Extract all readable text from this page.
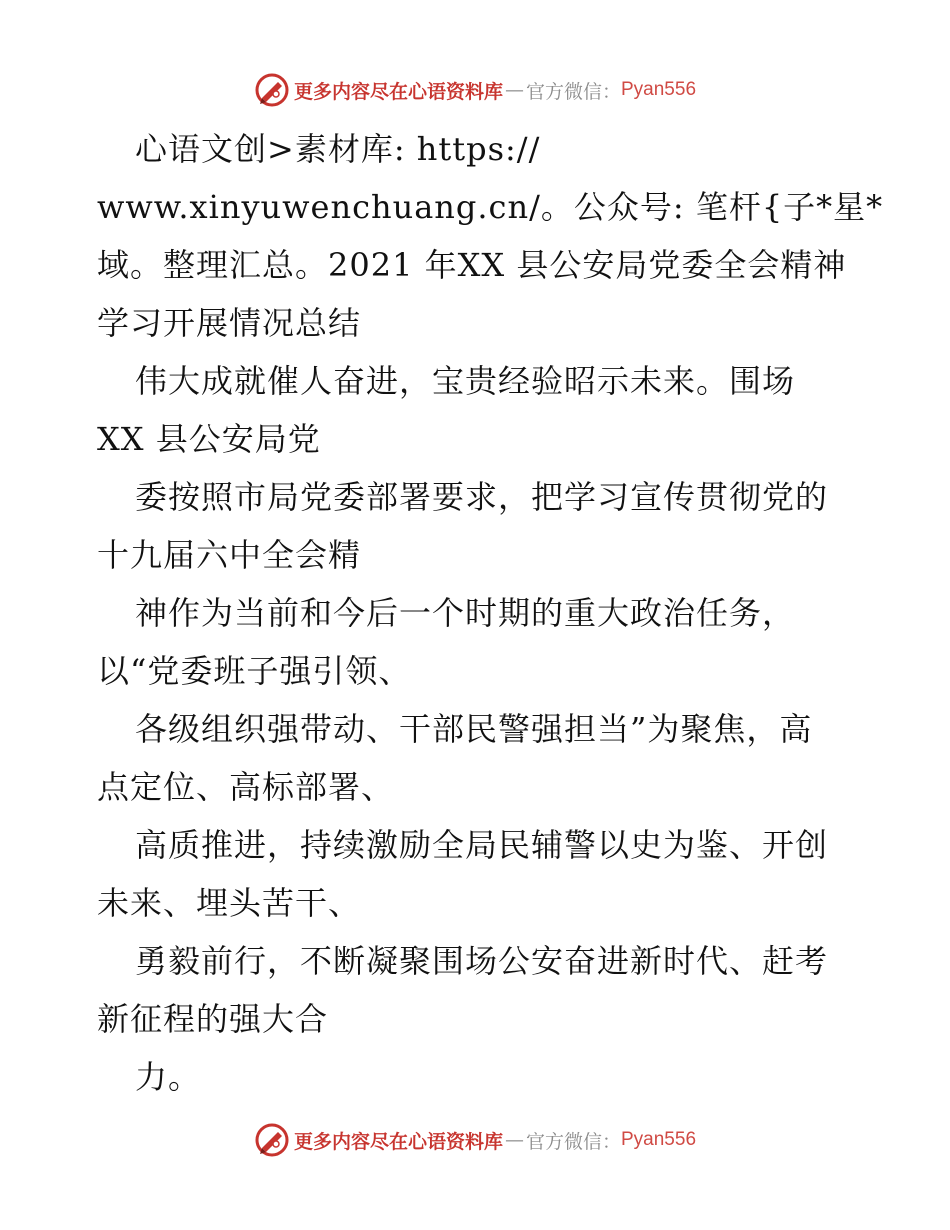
更多内容尽在心语资料库 — 官方微信： Pyan556
心语文创>素材库: https://
www.xinyuwenchuang.cn/。公众号: 笔杆{子*星*
域。整理汇总。2021 年XX 县公安局党委全会精神
学习开展情况总结
伟大成就催人奋进，宝贵经验昭示未来。围场
XX 县公安局党
委按照市局党委部署要求，把学习宣传贯彻党的
十九届六中全会精
神作为当前和今后一个时期的重大政治任务，
以“党委班子强引领、
各级组织强带动、干部民警强担当”为聚焦，高
点定位、高标部署、
高质推进，持续激励全局民辅警以史为鉴、开创
未来、埋头苦干、
勇毅前行，不断凝聚围场公安奋进新时代、赶考
新征程的强大合
力。
更多内容尽在心语资料库 — 官方微信： Pyan556
